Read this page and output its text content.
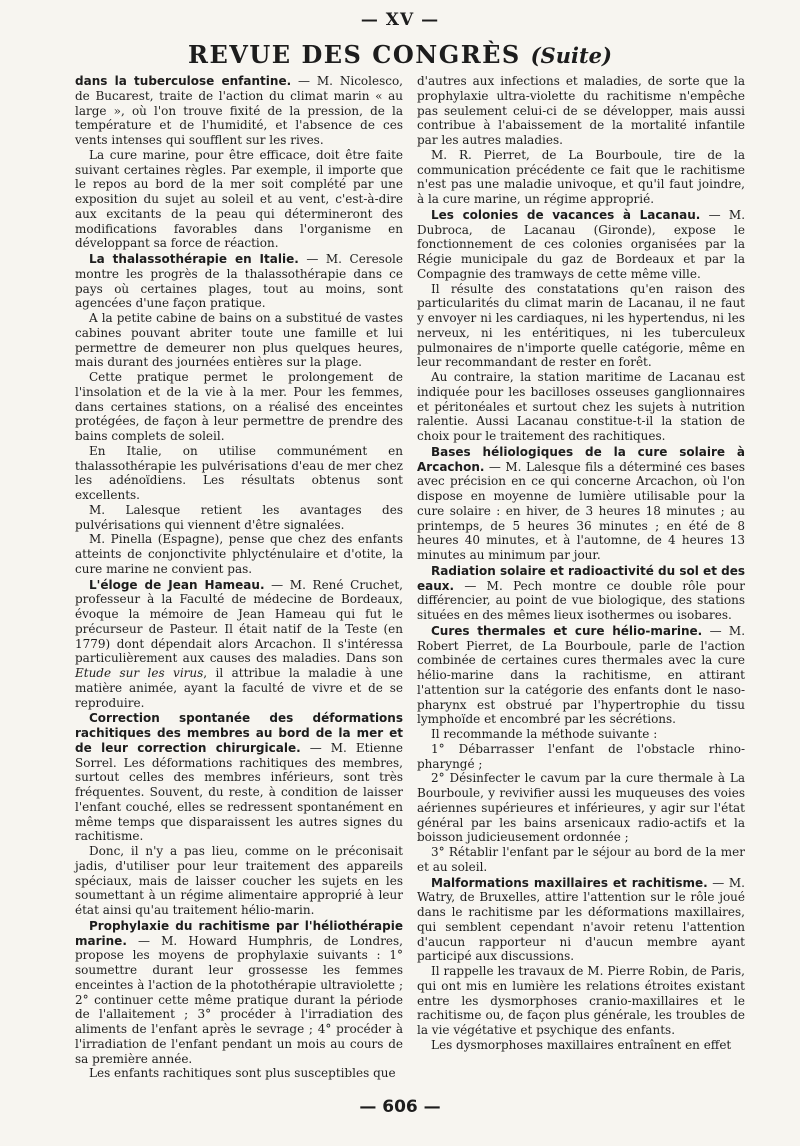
— XV —
REVUE DES CONGRÈS (Suite)

dans la tuberculose enfantine. — M. Nicolesco, de Bucarest, traite de l'action du climat marin « au large », où l'on trouve fixité de la pression, de la température et de l'humidité, et l'absence de ces vents intenses qui soufflent sur les rives.

La cure marine, pour être efficace, doit être faite suivant certaines règles. Par exemple, il importe que le repos au bord de la mer soit complété par une exposition du sujet au soleil et au vent, c'est-à-dire aux excitants de la peau qui détermineront des modifications favorables dans l'organisme en développant sa force de réaction.

La thalassothérapie en Italie. — M. Ceresole montre les progrès de la thalassothérapie dans ce pays où certaines plages, tout au moins, sont agencées d'une façon pratique.

A la petite cabine de bains on a substitué de vastes cabines pouvant abriter toute une famille et lui permettre de demeurer non plus quelques heures, mais durant des journées entières sur la plage.

Cette pratique permet le prolongement de l'insolation et de la vie à la mer. Pour les femmes, dans certaines stations, on a réalisé des enceintes protégées, de façon à leur permettre de prendre des bains complets de soleil.

En Italie, on utilise communément en thalassothérapie les pulvérisations d'eau de mer chez les adénoïdiens. Les résultats obtenus sont excellents.

M. Lalesque retient les avantages des pulvérisations qui viennent d'être signalées.

M. Pinella (Espagne), pense que chez des enfants atteints de conjonctivite phlycténulaire et d'otite, la cure marine ne convient pas.

L'éloge de Jean Hameau. — M. René Cruchet, professeur à la Faculté de médecine de Bordeaux, évoque la mémoire de Jean Hameau qui fut le précurseur de Pasteur. Il était natif de la Teste (en 1779) dont dépendait alors Arcachon. Il s'intéressa particulièrement aux causes des maladies. Dans son Etude sur les virus, il attribue la maladie à une matière animée, ayant la faculté de vivre et de se reproduire.

Correction spontanée des déformations rachitiques des membres au bord de la mer et de leur correction chirurgicale. — M. Etienne Sorrel. Les déformations rachitiques des membres, surtout celles des membres inférieurs, sont très fréquentes. Souvent, du reste, à condition de laisser l'enfant couché, elles se redressent spontanément en même temps que disparaissent les autres signes du rachitisme.

Donc, il n'y a pas lieu, comme on le préconisait jadis, d'utiliser pour leur traitement des appareils spéciaux, mais de laisser coucher les sujets en les soumettant à un régime alimentaire approprié à leur état ainsi qu'au traitement hélio-marin.

Prophylaxie du rachitisme par l'héliothérapie marine. — M. Howard Humphris, de Londres, propose les moyens de prophylaxie suivants : 1° soumettre durant leur grossesse les femmes enceintes à l'action de la photothérapie ultraviolette ; 2° continuer cette même pratique durant la période de l'allaitement ; 3° procéder à l'irradiation des aliments de l'enfant après le sevrage ; 4° procéder à l'irradiation de l'enfant pendant un mois au cours de sa première année.

Les enfants rachitiques sont plus susceptibles que

d'autres aux infections et maladies, de sorte que la prophylaxie ultra-violette du rachitisme n'empêche pas seulement celui-ci de se développer, mais aussi contribue à l'abaissement de la mortalité infantile par les autres maladies.

M. R. Pierret, de La Bourboule, tire de la communication précédente ce fait que le rachitisme n'est pas une maladie univoque, et qu'il faut joindre, à la cure marine, un régime approprié.

Les colonies de vacances à Lacanau. — M. Dubroca, de Lacanau (Gironde), expose le fonctionnement de ces colonies organisées par la Régie municipale du gaz de Bordeaux et par la Compagnie des tramways de cette même ville.

Il résulte des constatations qu'en raison des particularités du climat marin de Lacanau, il ne faut y envoyer ni les cardiaques, ni les hypertendus, ni les nerveux, ni les entéritiques, ni les tuberculeux pulmonaires de n'importe quelle catégorie, même en leur recommandant de rester en forêt.

Au contraire, la station maritime de Lacanau est indiquée pour les bacilloses osseuses ganglionnaires et péritonéales et surtout chez les sujets à nutrition ralentie. Aussi Lacanau constitue-t-il la station de choix pour le traitement des rachitiques.

Bases héliologiques de la cure solaire à Arcachon. — M. Lalesque fils a déterminé ces bases avec précision en ce qui concerne Arcachon, où l'on dispose en moyenne de lumière utilisable pour la cure solaire : en hiver, de 3 heures 18 minutes ; au printemps, de 5 heures 36 minutes ; en été de 8 heures 40 minutes, et à l'automne, de 4 heures 13 minutes au minimum par jour.

Radiation solaire et radioactivité du sol et des eaux. — M. Pech montre ce double rôle pour différencier, au point de vue biologique, des stations situées en des mêmes lieux isothermes ou isobares.

Cures thermales et cure hélio-marine. — M. Robert Pierret, de La Bourboule, parle de l'action combinée de certaines cures thermales avec la cure hélio-marine dans la rachitisme, en attirant l'attention sur la catégorie des enfants dont le naso-pharynx est obstrué par l'hypertrophie du tissu lymphoïde et encombré par les sécrétions.

Il recommande la méthode suivante :

1° Débarrasser l'enfant de l'obstacle rhino-pharyngé ;

2° Désinfecter le cavum par la cure thermale à La Bourboule, y revivifier aussi les muqueuses des voies aériennes supérieures et inférieures, y agir sur l'état général par les bains arsenicaux radio-actifs et la boisson judicieusement ordonnée ;

3° Rétablir l'enfant par le séjour au bord de la mer et au soleil.

Malformations maxillaires et rachitisme. — M. Watry, de Bruxelles, attire l'attention sur le rôle joué dans le rachitisme par les déformations maxillaires, qui semblent cependant n'avoir retenu l'attention d'aucun rapporteur ni d'aucun membre ayant participé aux discussions.

Il rappelle les travaux de M. Pierre Robin, de Paris, qui ont mis en lumière les relations étroites existant entre les dysmorphoses cranio-maxillaires et le rachitisme ou, de façon plus générale, les troubles de la vie végétative et psychique des enfants.

Les dysmorphoses maxillaires entraînent en effet

— 606 —
